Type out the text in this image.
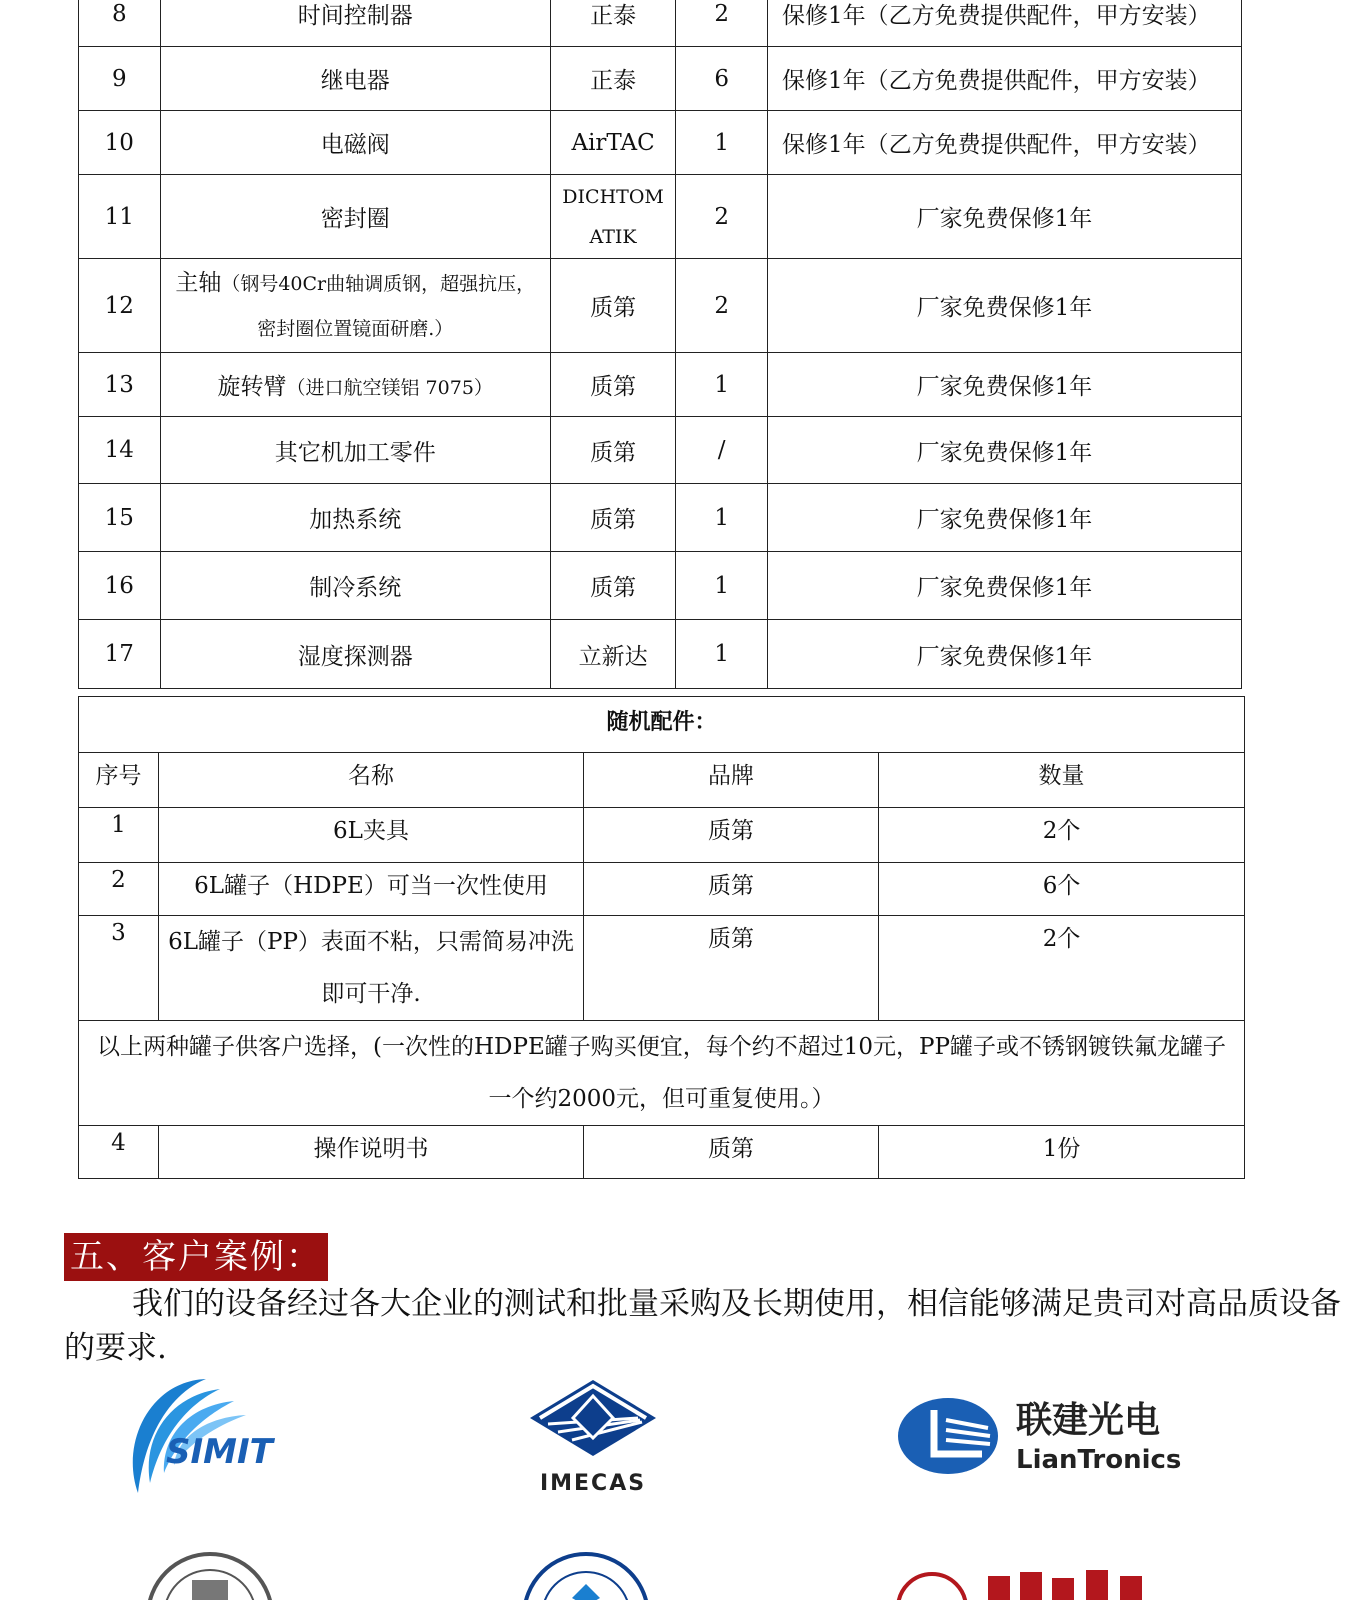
8	时间控制器	正泰	2	保修1年（乙方免费提供配件，甲方安装）
9	继电器	正泰	6	保修1年（乙方免费提供配件，甲方安装）
10	电磁阀	AirTAC	1	保修1年（乙方免费提供配件，甲方安装）
11	密封圈	DICHTOMATIK	2	厂家免费保修1年
12	主轴（钢号40Cr曲轴调质钢，超强抗压，密封圈位置镜面研磨.）	质第	2	厂家免费保修1年
13	旋转臂（进口航空镁铝 7075）	质第	1	厂家免费保修1年
14	其它机加工零件	质第	/	厂家免费保修1年
15	加热系统	质第	1	厂家免费保修1年
16	制冷系统	质第	1	厂家免费保修1年
17	湿度探测器	立新达	1	厂家免费保修1年
随机配件：			
序号	名称	品牌	数量
1	6L夹具	质第	2个
2	6L罐子（HDPE）可当一次性使用	质第	6个
3	6L罐子（PP）表面不粘，只需简易冲洗即可干净.	质第	2个
以上两种罐子供客户选择，(一次性的HDPE罐子购买便宜，每个约不超过10元，PP罐子或不锈钢镀铁氟龙罐子一个约2000元，但可重复使用。）			
4	操作说明书	质第	1份
五、客户案例：
我们的设备经过各大企业的测试和批量采购及长期使用，相信能够满足贵司对高品质设备的要求.
SIMIT
IMECAS
联建光电
LianTronics
